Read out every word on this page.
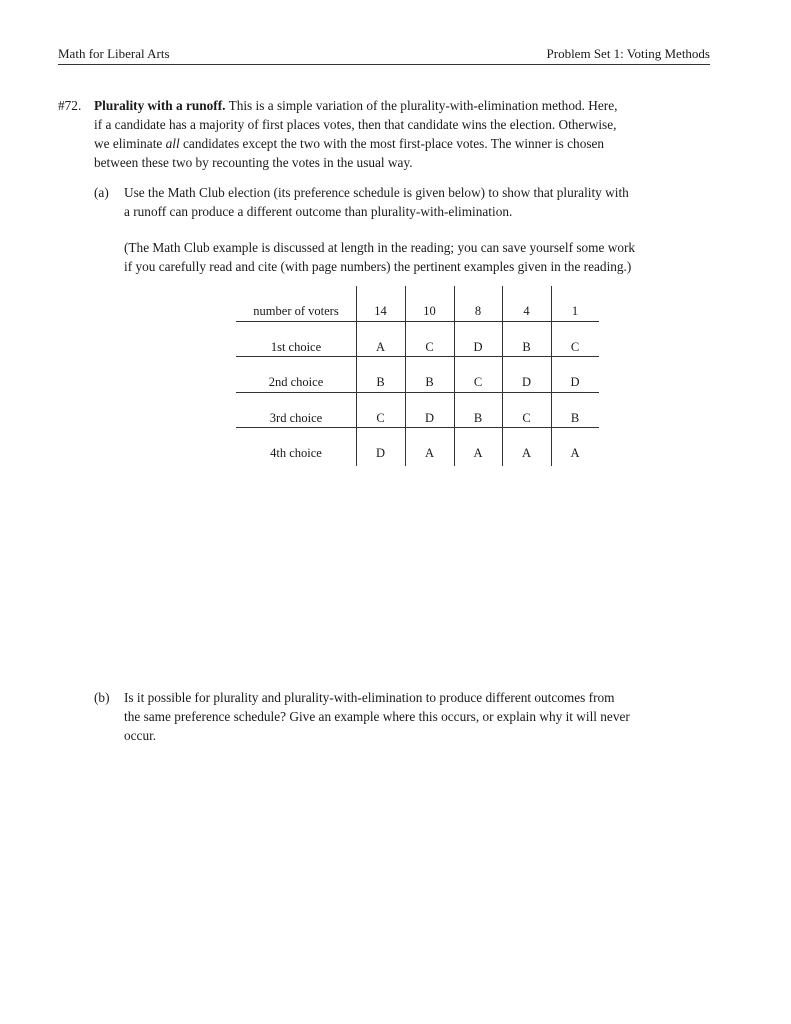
Math for Liberal Arts	Problem Set 1: Voting Methods
#72. Plurality with a runoff. This is a simple variation of the plurality-with-elimination method. Here,
if a candidate has a majority of first places votes, then that candidate wins the election. Otherwise,
we eliminate all candidates except the two with the most first-place votes. The winner is chosen
between these two by recounting the votes in the usual way.
(a) Use the Math Club election (its preference schedule is given below) to show that plurality with
a runoff can produce a different outcome than plurality-with-elimination.
(The Math Club example is discussed at length in the reading; you can save yourself some work
if you carefully read and cite (with page numbers) the pertinent examples given in the reading.)
number of voters	14	10	8	4	1
1st choice	A	C	D	B	C
2nd choice	B	B	C	D	D
3rd choice	C	D	B	C	B
4th choice	D	A	A	A	A
(b) Is it possible for plurality and plurality-with-elimination to produce different outcomes from
the same preference schedule? Give an example where this occurs, or explain why it will never
occur.
